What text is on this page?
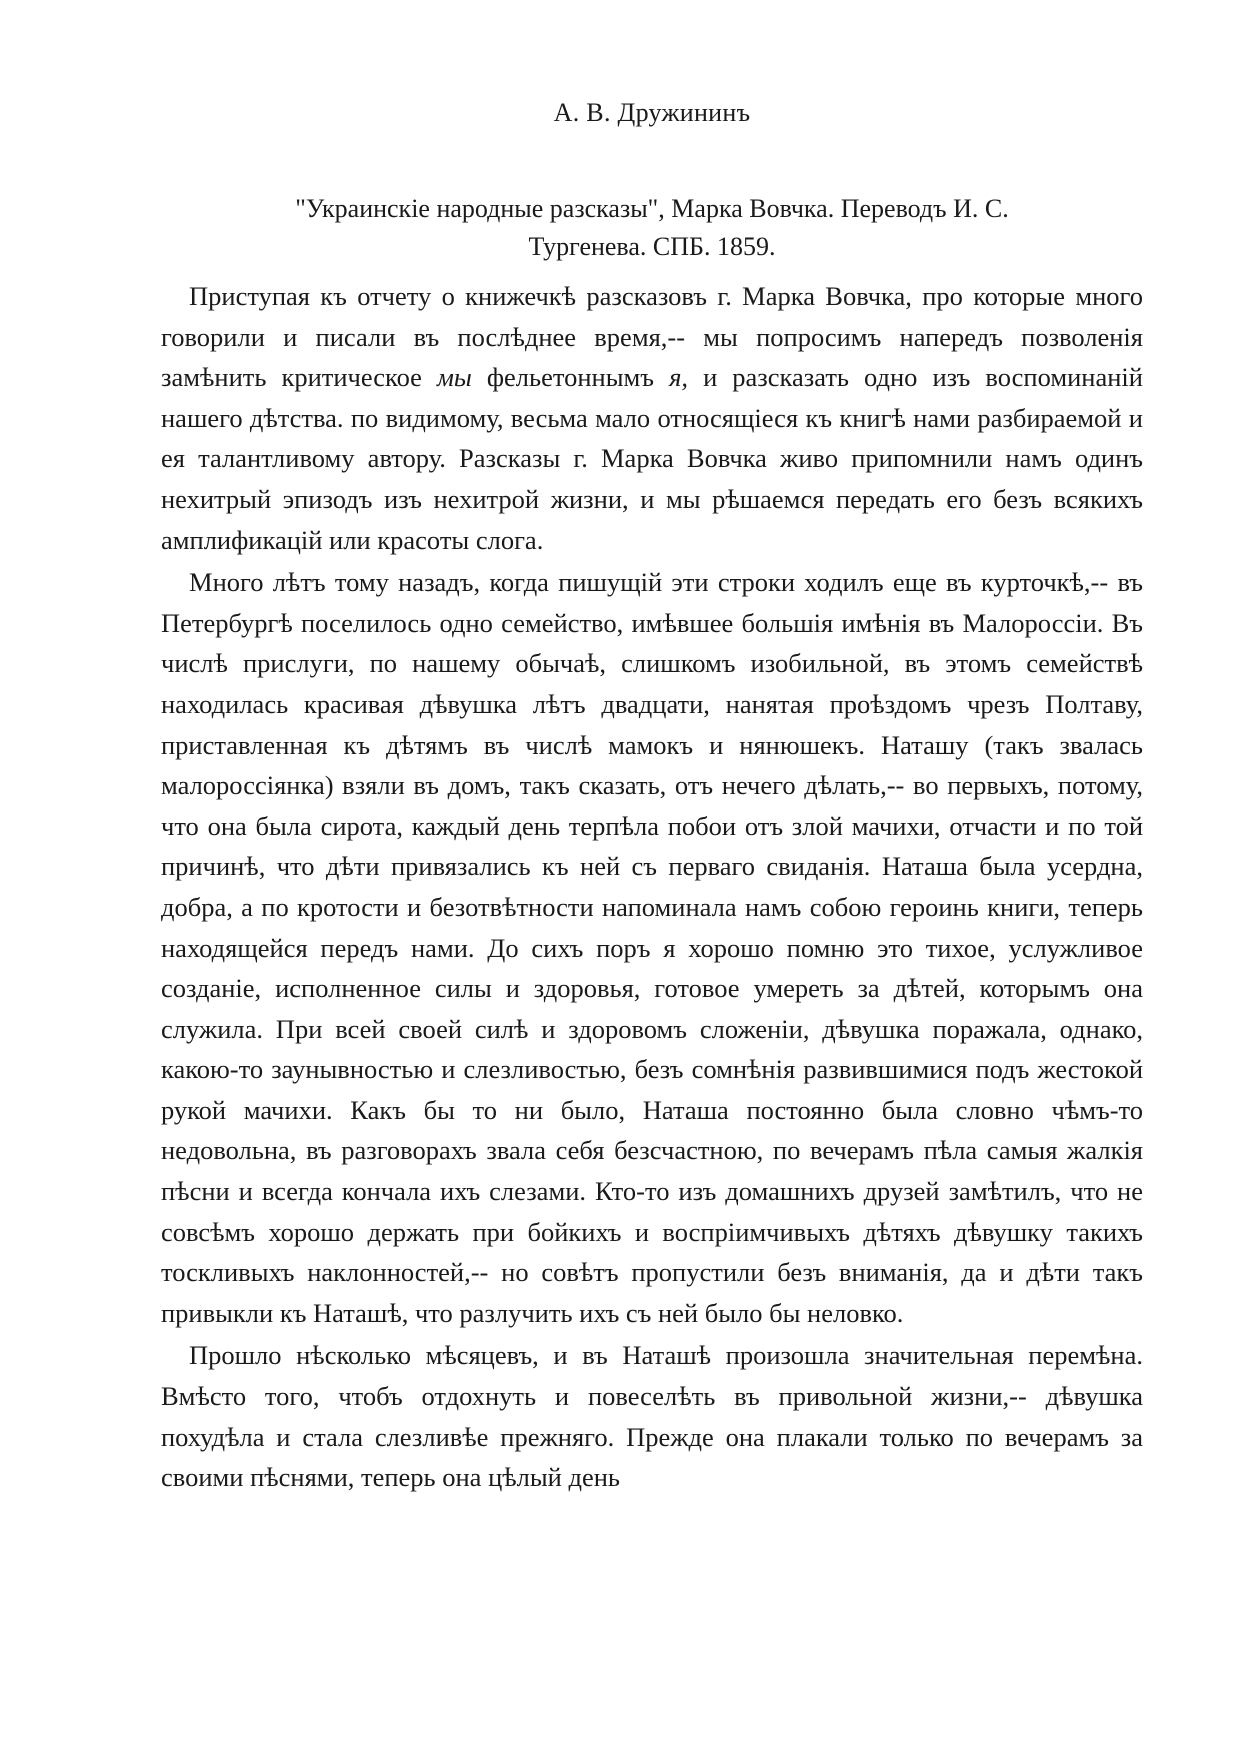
А. В. Дружининъ
"Украинскіе народные разсказы", Марка Вовчка. Переводъ И. С.
Тургенева. СПБ. 1859.

Приступая къ отчету о книжечкѣ разсказовъ г. Марка Вовчка, про которые много говорили и писали въ послѣднее время,-- мы попросимъ напередъ позволенія замѣнить критическое мы фельетоннымъ я, и разсказать одно изъ воспоминаній нашего дѣтства. по видимому, весьма мало относящіеся къ книгѣ нами разбираемой и ея талантливому автору. Разсказы г. Марка Вовчка живо припомнили намъ одинъ нехитрый эпизодъ изъ нехитрой жизни, и мы рѣшаемся передать его безъ всякихъ амплификацій или красоты слога.

Много лѣтъ тому назадъ, когда пишущій эти строки ходилъ еще въ курточкѣ,-- въ Петербургѣ поселилось одно семейство, имѣвшее большія имѣнія въ Малороссіи. Въ числѣ прислуги, по нашему обычаѣ, слишкомъ изобильной, въ этомъ семействѣ находилась красивая дѣвушка лѣтъ двадцати, нанятая проѣздомъ чрезъ Полтаву, приставленная къ дѣтямъ въ числѣ мамокъ и нянюшекъ. Наташу (такъ звалась малороссіянка) взяли въ домъ, такъ сказать, отъ нечего дѣлать,-- во первыхъ, потому, что она была сирота, каждый день терпѣла побои отъ злой мачихи, отчасти и по той причинѣ, что дѣти привязались къ ней съ перваго свиданія. Наташа была усердна, добра, а по кротости и безотвѣтности напоминала намъ собою героинь книги, теперь находящейся передъ нами. До сихъ поръ я хорошо помню это тихое, услужливое созданіе, исполненное силы и здоровья, готовое умереть за дѣтей, которымъ она служила. При всей своей силѣ и здоровомъ сложеніи, дѣвушка поражала, однако, какою-то заунывностью и слезливостью, безъ сомнѣнія развившимися подъ жестокой рукой мачихи. Какъ бы то ни было, Наташа постоянно была словно чѣмъ-то недовольна, въ разговорахъ звала себя безсчастною, по вечерамъ пѣла самыя жалкія пѣсни и всегда кончала ихъ слезами. Кто-то изъ домашнихъ друзей замѣтилъ, что не совсѣмъ хорошо держать при бойкихъ и воспріимчивыхъ дѣтяхъ дѣвушку такихъ тоскливыхъ наклонностей,-- но совѣтъ пропустили безъ вниманія, да и дѣти такъ привыкли къ Наташѣ, что разлучить ихъ съ ней было бы неловко.

Прошло нѣсколько мѣсяцевъ, и въ Наташѣ произошла значительная перемѣна. Вмѣсто того, чтобъ отдохнуть и повеселѣть въ привольной жизни,-- дѣвушка похудѣла и стала слезливѣе прежняго. Прежде она плакали только по вечерамъ за своими пѣснями, теперь она цѣлый день
